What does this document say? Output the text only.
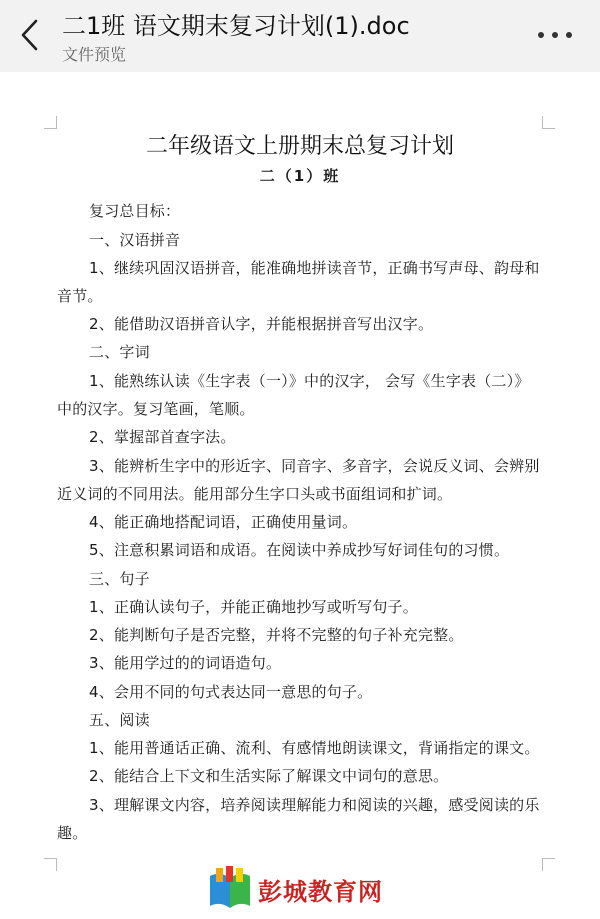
二1班 语文期末复习计划(1).doc
文件预览
二年级语文上册期末总复习计划
二（1）班
复习总目标：
一、汉语拼音
1、继续巩固汉语拼音，能准确地拼读音节，正确书写声母、韵母和
音节。
2、能借助汉语拼音认字，并能根据拼音写出汉字。
二、字词
1、能熟练认读《生字表（一）》中的汉字， 会写《生字表（二）》
中的汉字。复习笔画，笔顺。
2、掌握部首查字法。
3、能辨析生字中的形近字、同音字、多音字，会说反义词、会辨别
近义词的不同用法。能用部分生字口头或书面组词和扩词。
4、能正确地搭配词语，正确使用量词。
5、注意积累词语和成语。在阅读中养成抄写好词佳句的习惯。
三、句子
1、正确认读句子，并能正确地抄写或听写句子。
2、能判断句子是否完整，并将不完整的句子补充完整。
3、能用学过的的词语造句。
4、会用不同的句式表达同一意思的句子。
五、阅读
1、能用普通话正确、流利、有感情地朗读课文，背诵指定的课文。
2、能结合上下文和生活实际了解课文中词句的意思。
3、理解课文内容，培养阅读理解能力和阅读的兴趣，感受阅读的乐
趣。
彭城教育网
